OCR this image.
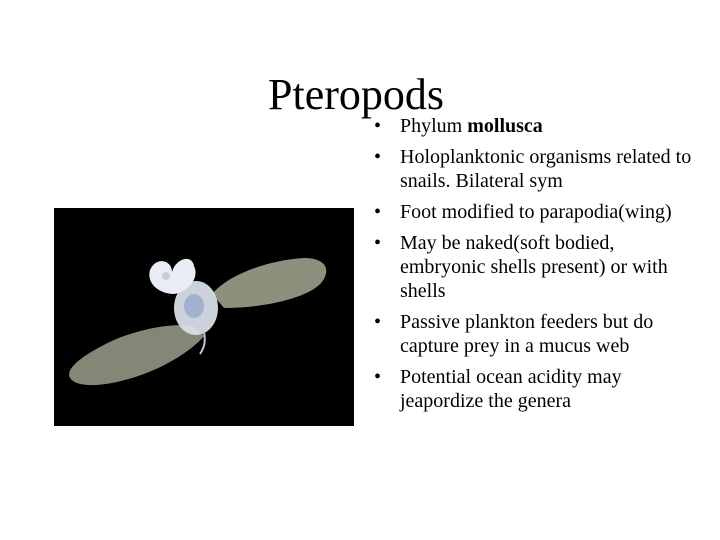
Pteropods
• Phylum mollusca
• Holoplanktonic organisms related to snails. Bilateral sym
• Foot modified to parapodia(wing)
• May be naked(soft bodied, embryonic shells present) or with shells
• Passive plankton feeders but do capture prey in a mucus web
• Potential ocean acidity may jeapordize the genera
